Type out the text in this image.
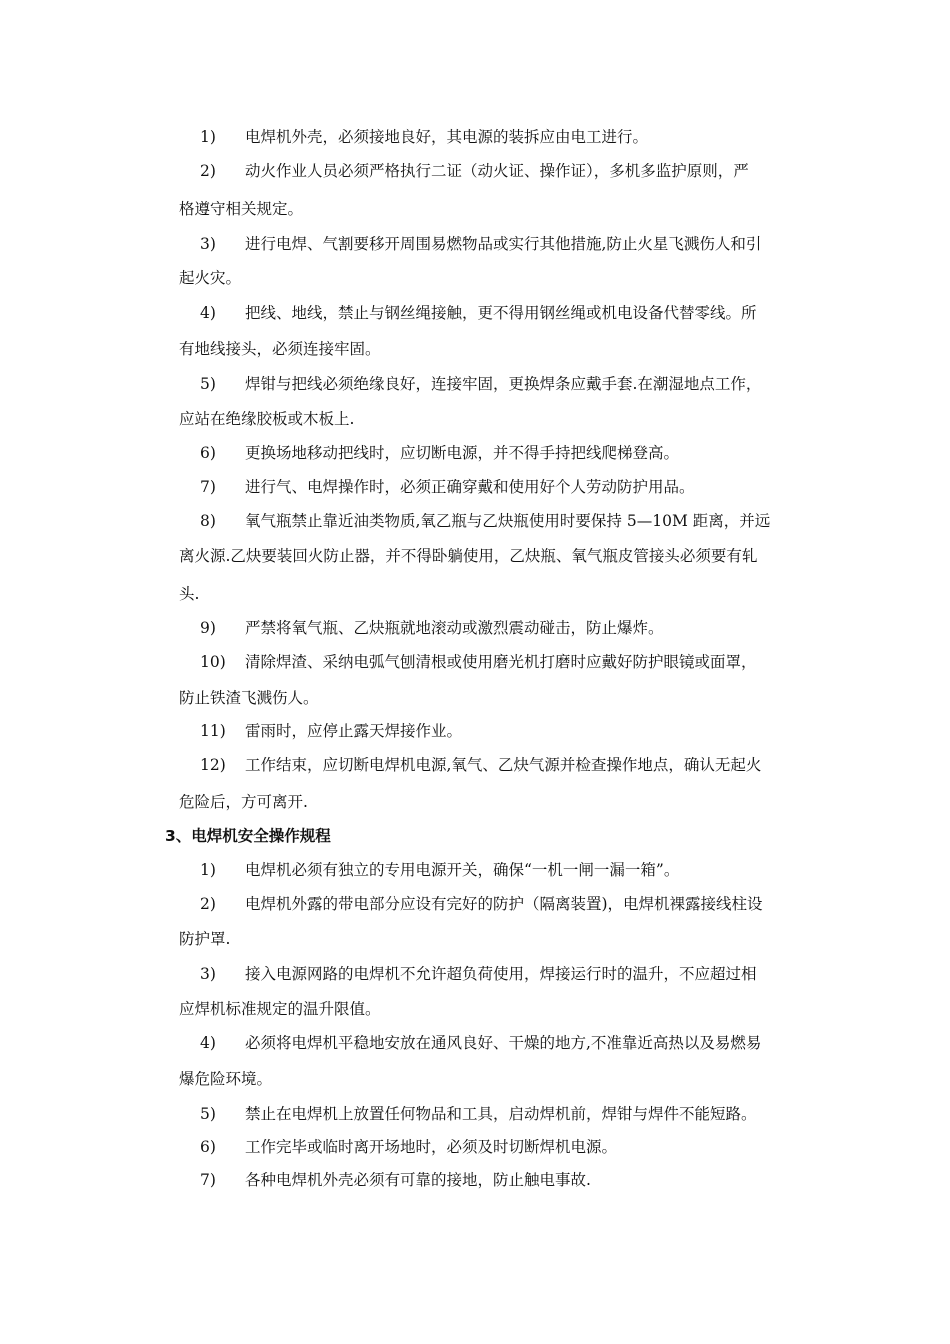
1) 电焊机外壳，必须接地良好，其电源的装拆应由电工进行。
2) 动火作业人员必须严格执行二证（动火证、操作证），多机多监护原则，严
格遵守相关规定。
3) 进行电焊、气割要移开周围易燃物品或实行其他措施,防止火星飞溅伤人和引
起火灾。
4) 把线、地线，禁止与钢丝绳接触，更不得用钢丝绳或机电设备代替零线。所
有地线接头，必须连接牢固。
5) 焊钳与把线必须绝缘良好，连接牢固，更换焊条应戴手套.在潮湿地点工作，
应站在绝缘胶板或木板上.
6) 更换场地移动把线时，应切断电源，并不得手持把线爬梯登高。
7) 进行气、电焊操作时，必须正确穿戴和使用好个人劳动防护用品。
8) 氧气瓶禁止靠近油类物质,氧乙瓶与乙炔瓶使用时要保持 5—10M 距离，并远
离火源.乙炔要装回火防止器，并不得卧躺使用，乙炔瓶、氧气瓶皮管接头必须要有轧
头.
9) 严禁将氧气瓶、乙炔瓶就地滚动或激烈震动碰击，防止爆炸。
10) 清除焊渣、采纳电弧气刨清根或使用磨光机打磨时应戴好防护眼镜或面罩，
防止铁渣飞溅伤人。
11) 雷雨时，应停止露天焊接作业。
12) 工作结束，应切断电焊机电源,氧气、乙炔气源并检查操作地点，确认无起火
危险后，方可离开.
3、电焊机安全操作规程
1) 电焊机必须有独立的专用电源开关，确保“一机一闸一漏一箱”。
2) 电焊机外露的带电部分应设有完好的防护（隔离装置)，电焊机裸露接线柱设
防护罩.
3) 接入电源网路的电焊机不允许超负荷使用，焊接运行时的温升，不应超过相
应焊机标准规定的温升限值。
4) 必须将电焊机平稳地安放在通风良好、干燥的地方,不准靠近高热以及易燃易
爆危险环境。
5) 禁止在电焊机上放置任何物品和工具，启动焊机前，焊钳与焊件不能短路。
6) 工作完毕或临时离开场地时，必须及时切断焊机电源。
7) 各种电焊机外壳必须有可靠的接地，防止触电事故.
